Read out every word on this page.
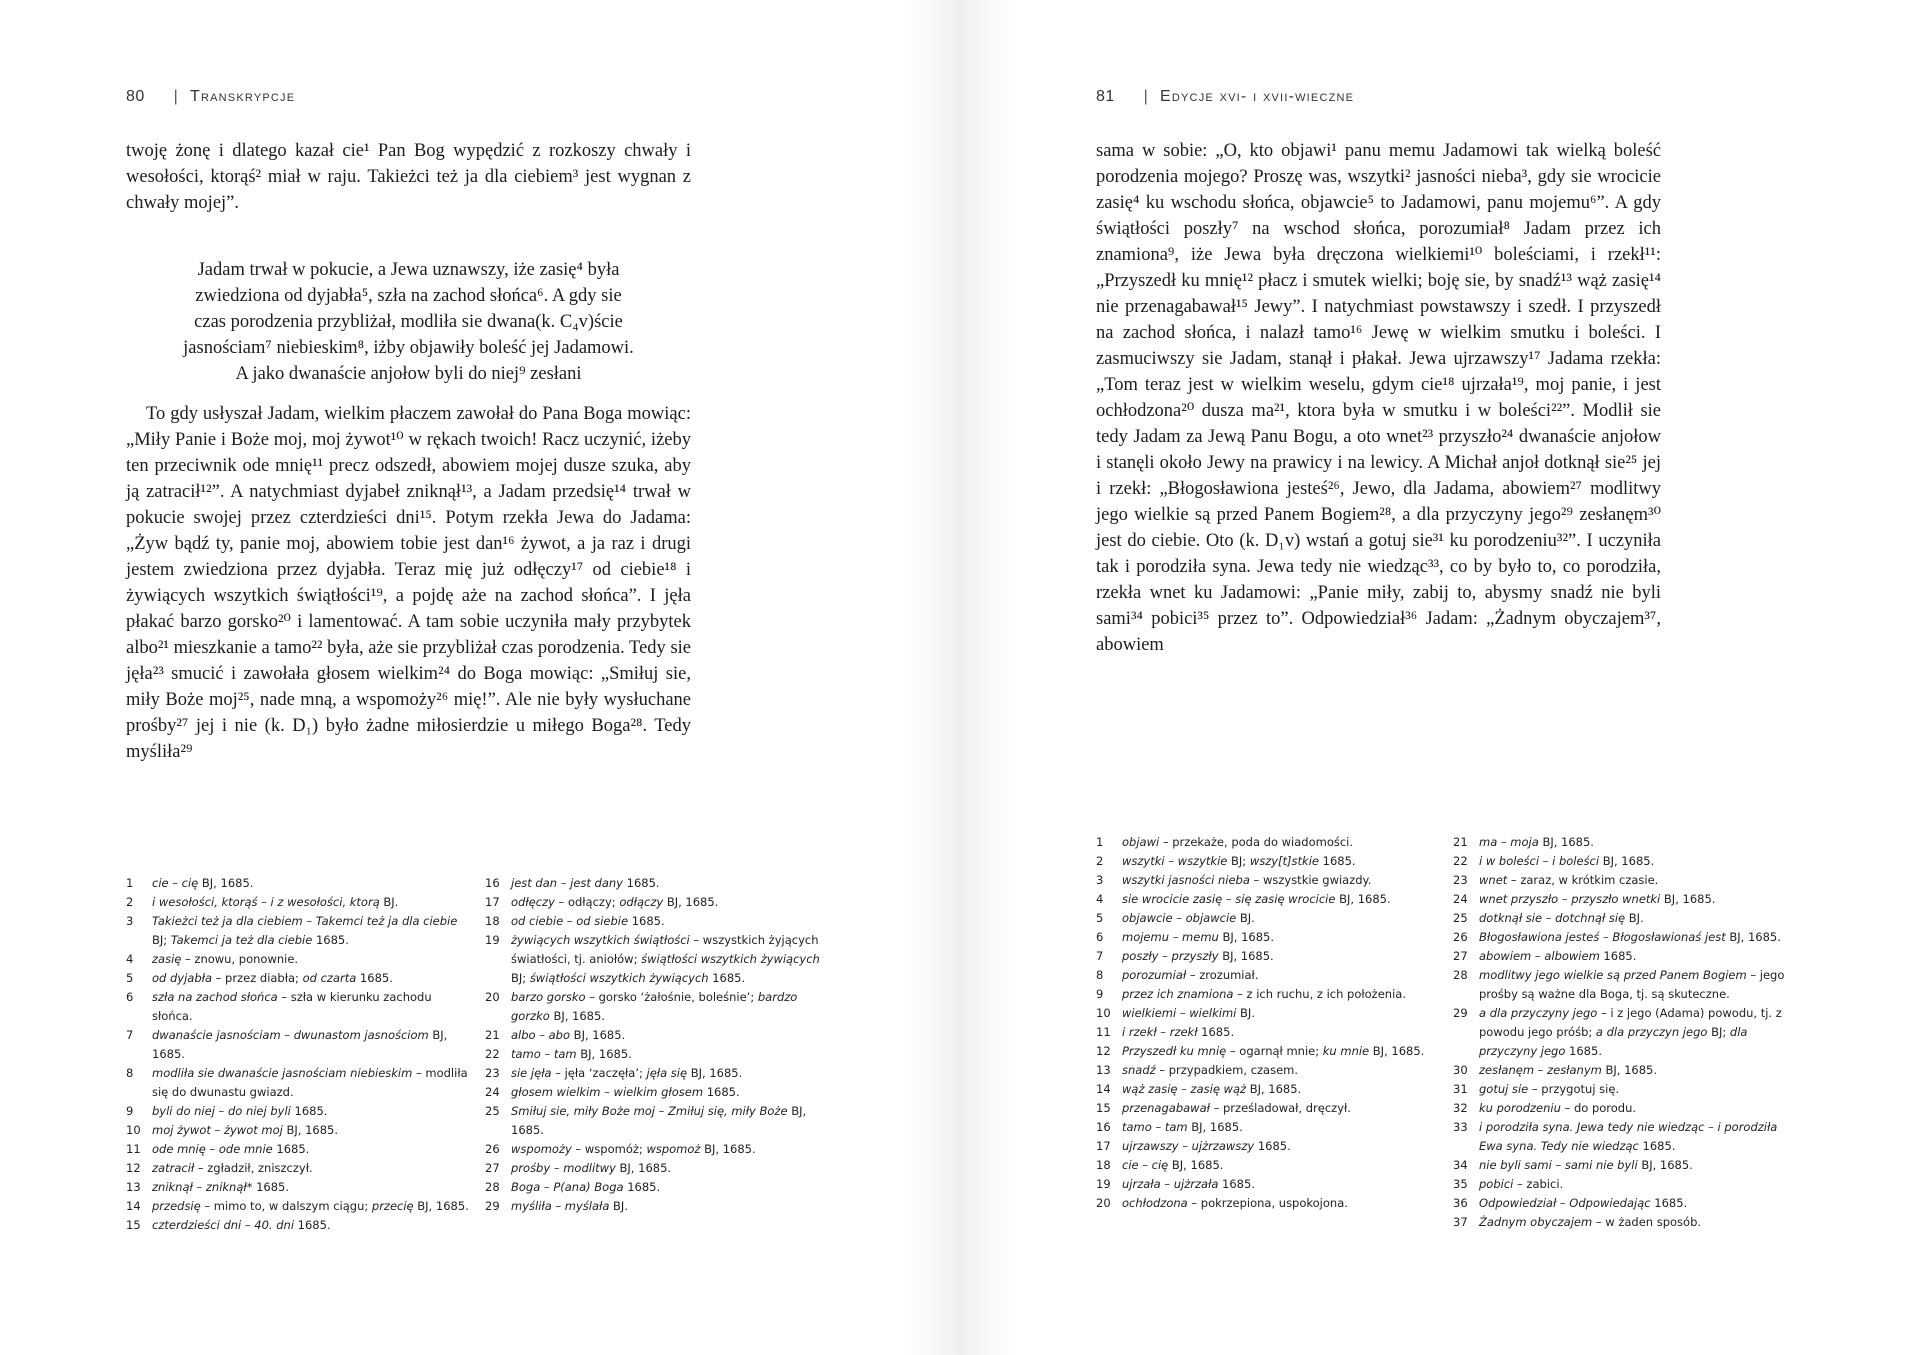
80 | Transkrypcje

twoję żonę i dlatego kazał cie¹ Pan Bog wypędzić z rozkoszy chwały i wesołości, ktorąś² miał w raju. Takieżci też ja dla ciebiem³ jest wygnan z chwały mojej”.

Jadam trwał w pokucie, a Jewa uznawszy, iże zasię⁴ była
zwiedziona od dyjabła⁵, szła na zachod słońca⁶. A gdy sie
czas porodzenia przybliżał, modliła sie dwana(k. C₄v)ście
jasnościam⁷ niebieskim⁸, iżby objawiły boleść jej Jadamowi.
A jako dwanaście anjołow byli do niej⁹ zesłani

To gdy usłyszał Jadam, wielkim płaczem zawołał do Pana Boga mowiąc: „Miły Panie i Boże moj, moj żywot¹⁰ w rękach twoich! Racz uczynić, iżeby ten przeciwnik ode mnię¹¹ precz odszedł, abowiem mojej dusze szuka, aby ją zatracił¹²”. A natychmiast dyjabeł zniknął¹³, a Jadam przedsię¹⁴ trwał w pokucie swojej przez czterdzieści dni¹⁵. Potym rzekła Jewa do Jadama: „Żyw bądź ty, panie moj, abowiem tobie jest dan¹⁶ żywot, a ja raz i drugi jestem zwiedziona przez dyjabła. Teraz mię już odłęczy¹⁷ od ciebie¹⁸ i żywiących wszytkich świątłości¹⁹, a pojdę aże na zachod słońca”. I jęła płakać barzo gorsko²⁰ i lamentować. A tam sobie uczyniła mały przybytek albo²¹ mieszkanie a tamo²² była, aże sie przybliżał czas porodzenia. Tedy sie jęła²³ smucić i zawołała głosem wielkim²⁴ do Boga mowiąc: „Smiłuj sie, miły Boże moj²⁵, nade mną, a wspomoży²⁶ mię!”. Ale nie były wysłuchane prośby²⁷ jej i nie (k. D₁) było żadne miłosierdzie u miłego Boga²⁸. Tedy myśliła²⁹

1	cie – cię BJ, 1685.
2	i wesołości, ktorąś – i z wesołości, ktorą BJ.
3	Takieżci też ja dla ciebiem – Takemci też ja dla ciebie BJ; Takemci ja też dla ciebie 1685.
4	zasię – znowu, ponownie.
5	od dyjabła – przez diabła; od czarta 1685.
6	szła na zachod słońca – szła w kierunku zachodu słońca.
7	dwanaście jasnościam – dwunastom jasnościom BJ, 1685.
8	modliła sie dwanaście jasnościam niebieskim – modliła się do dwunastu gwiazd.
9	byli do niej – do niej byli 1685.
10 moj żywot – żywot moj BJ, 1685.
11 ode mnię – ode mnie 1685.
12 zatracił – zgładził, zniszczył.
13 zniknął – zniknął* 1685.
14 przedsię – mimo to, w dalszym ciągu; przecię BJ, 1685.
15 czterdzieści dni – 40. dni 1685.
16 jest dan – jest dany 1685.
17 odłęczy – odłączy; odłączy BJ, 1685.
18 od ciebie – od siebie 1685.
19 żywiących wszytkich świątłości – wszystkich żyjących światłości, tj. aniołów; świątłości wszytkich żywiących BJ; świątłości wszytkich żywiących 1685.
20 barzo gorsko – gorsko ‘żałośnie, boleśnie’; bardzo gorzko BJ, 1685.
21 albo – abo BJ, 1685.
22 tamo – tam BJ, 1685.
23 sie jęła – jęła ‘zaczęła’; jęła się BJ, 1685.
24 głosem wielkim – wielkim głosem 1685.
25 Smiłuj sie, miły Boże moj – Zmiłuj się, miły Boże BJ, 1685.
26 wspomoży – wspomóż; wspomoż BJ, 1685.
27 prośby – modlitwy BJ, 1685.
28 Boga – P(ana) Boga 1685.
29 myśliła – myślała BJ.
81 | Edycje xvi- i xvii-wieczne

sama w sobie: „O, kto objawi¹ panu memu Jadamowi tak wielką boleść porodzenia mojego? Proszę was, wszytki² jasności nieba³, gdy sie wrocicie zasię⁴ ku wschodu słońca, objawcie⁵ to Jadamowi, panu mojemu⁶”. A gdy świątłości poszły⁷ na wschod słońca, porozumiał⁸ Jadam przez ich znamiona⁹, iże Jewa była dręczona wielkiemi¹⁰ boleściami, i rzekł¹¹: „Przyszedł ku mnię¹² płacz i smutek wielki; boję sie, by snadź¹³ wąż zasię¹⁴ nie przenagabawał¹⁵ Jewy”. I natychmiast powstawszy i szedł. I przyszedł na zachod słońca, i nalazł tamo¹⁶ Jewę w wielkim smutku i boleści. I zasmuciwszy sie Jadam, stanął i płakał. Jewa ujrzawszy¹⁷ Jadama rzekła: „Tom teraz jest w wielkim weselu, gdym cie¹⁸ ujrzała¹⁹, moj panie, i jest ochłodzona²⁰ dusza ma²¹, ktora była w smutku i w boleści²²”. Modlił sie tedy Jadam za Jewą Panu Bogu, a oto wnet²³ przyszło²⁴ dwanaście anjołow i stanęli około Jewy na prawicy i na lewicy. A Michał anjoł dotknął sie²⁵ jej i rzekł: „Błogosławiona jesteś²⁶, Jewo, dla Jadama, abowiem²⁷ modlitwy jego wielkie są przed Panem Bogiem²⁸, a dla przyczyny jego²⁹ zesłanęm³⁰ jest do ciebie. Oto (k. D₁v) wstań a gotuj sie³¹ ku porodzeniu³²”. I uczyniła tak i porodziła syna. Jewa tedy nie wiedząc³³, co by było to, co porodziła, rzekła wnet ku Jadamowi: „Panie miły, zabij to, abysmy snadź nie byli sami³⁴ pobici³⁵ przez to”. Odpowiedział³⁶ Jadam: „Żadnym obyczajem³⁷, abowiem

1	objawi – przekaże, poda do wiadomości.
2	wszytki – wszytkie BJ; wszy[t]stkie 1685.
3	wszytki jasności nieba – wszystkie gwiazdy.
4	sie wrocicie zasię – się zasię wrocicie BJ, 1685.
5	objawcie – objawcie BJ.
6	mojemu – memu BJ, 1685.
7	poszły – przyszły BJ, 1685.
8	porozumiał – zrozumiał.
9	przez ich znamiona – z ich ruchu, z ich położenia.
10 wielkiemi – wielkimi BJ.
11 i rzekł – rzekł 1685.
12 Przyszedł ku mnię – ogarnął mnie; ku mnie BJ, 1685.
13 snadź – przypadkiem, czasem.
14 wąż zasię – zasię wąż BJ, 1685.
15 przenagabawał – prześladował, dręczył.
16 tamo – tam BJ, 1685.
17 ujrzawszy – ujżrzawszy 1685.
18 cie – cię BJ, 1685.
19 ujrzała – ujżrzała 1685.
20 ochłodzona – pokrzepiona, uspokojona.
21 ma – moja BJ, 1685.
22 i w boleści – i boleści BJ, 1685.
23 wnet – zaraz, w krótkim czasie.
24 wnet przyszło – przyszło wnetki BJ, 1685.
25 dotknął sie – dotchnął się BJ.
26 Błogosławiona jesteś – Błogosławionaś jest BJ, 1685.
27 abowiem – albowiem 1685.
28 modlitwy jego wielkie są przed Panem Bogiem – jego prośby są ważne dla Boga, tj. są skuteczne.
29 a dla przyczyny jego – i z jego (Adama) powodu, tj. z powodu jego próśb; a dla przyczyn jego BJ; dla przyczyny jego 1685.
30 zesłanęm – zesłanym BJ, 1685.
31 gotuj sie – przygotuj się.
32 ku porodzeniu – do porodu.
33 i porodziła syna. Jewa tedy nie wiedząc – i porodziła Ewa syna. Tedy nie wiedząc 1685.
34 nie byli sami – sami nie byli BJ, 1685.
35 pobici – zabici.
36 Odpowiedział – Odpowiedając 1685.
37 Żadnym obyczajem – w żaden sposób.
